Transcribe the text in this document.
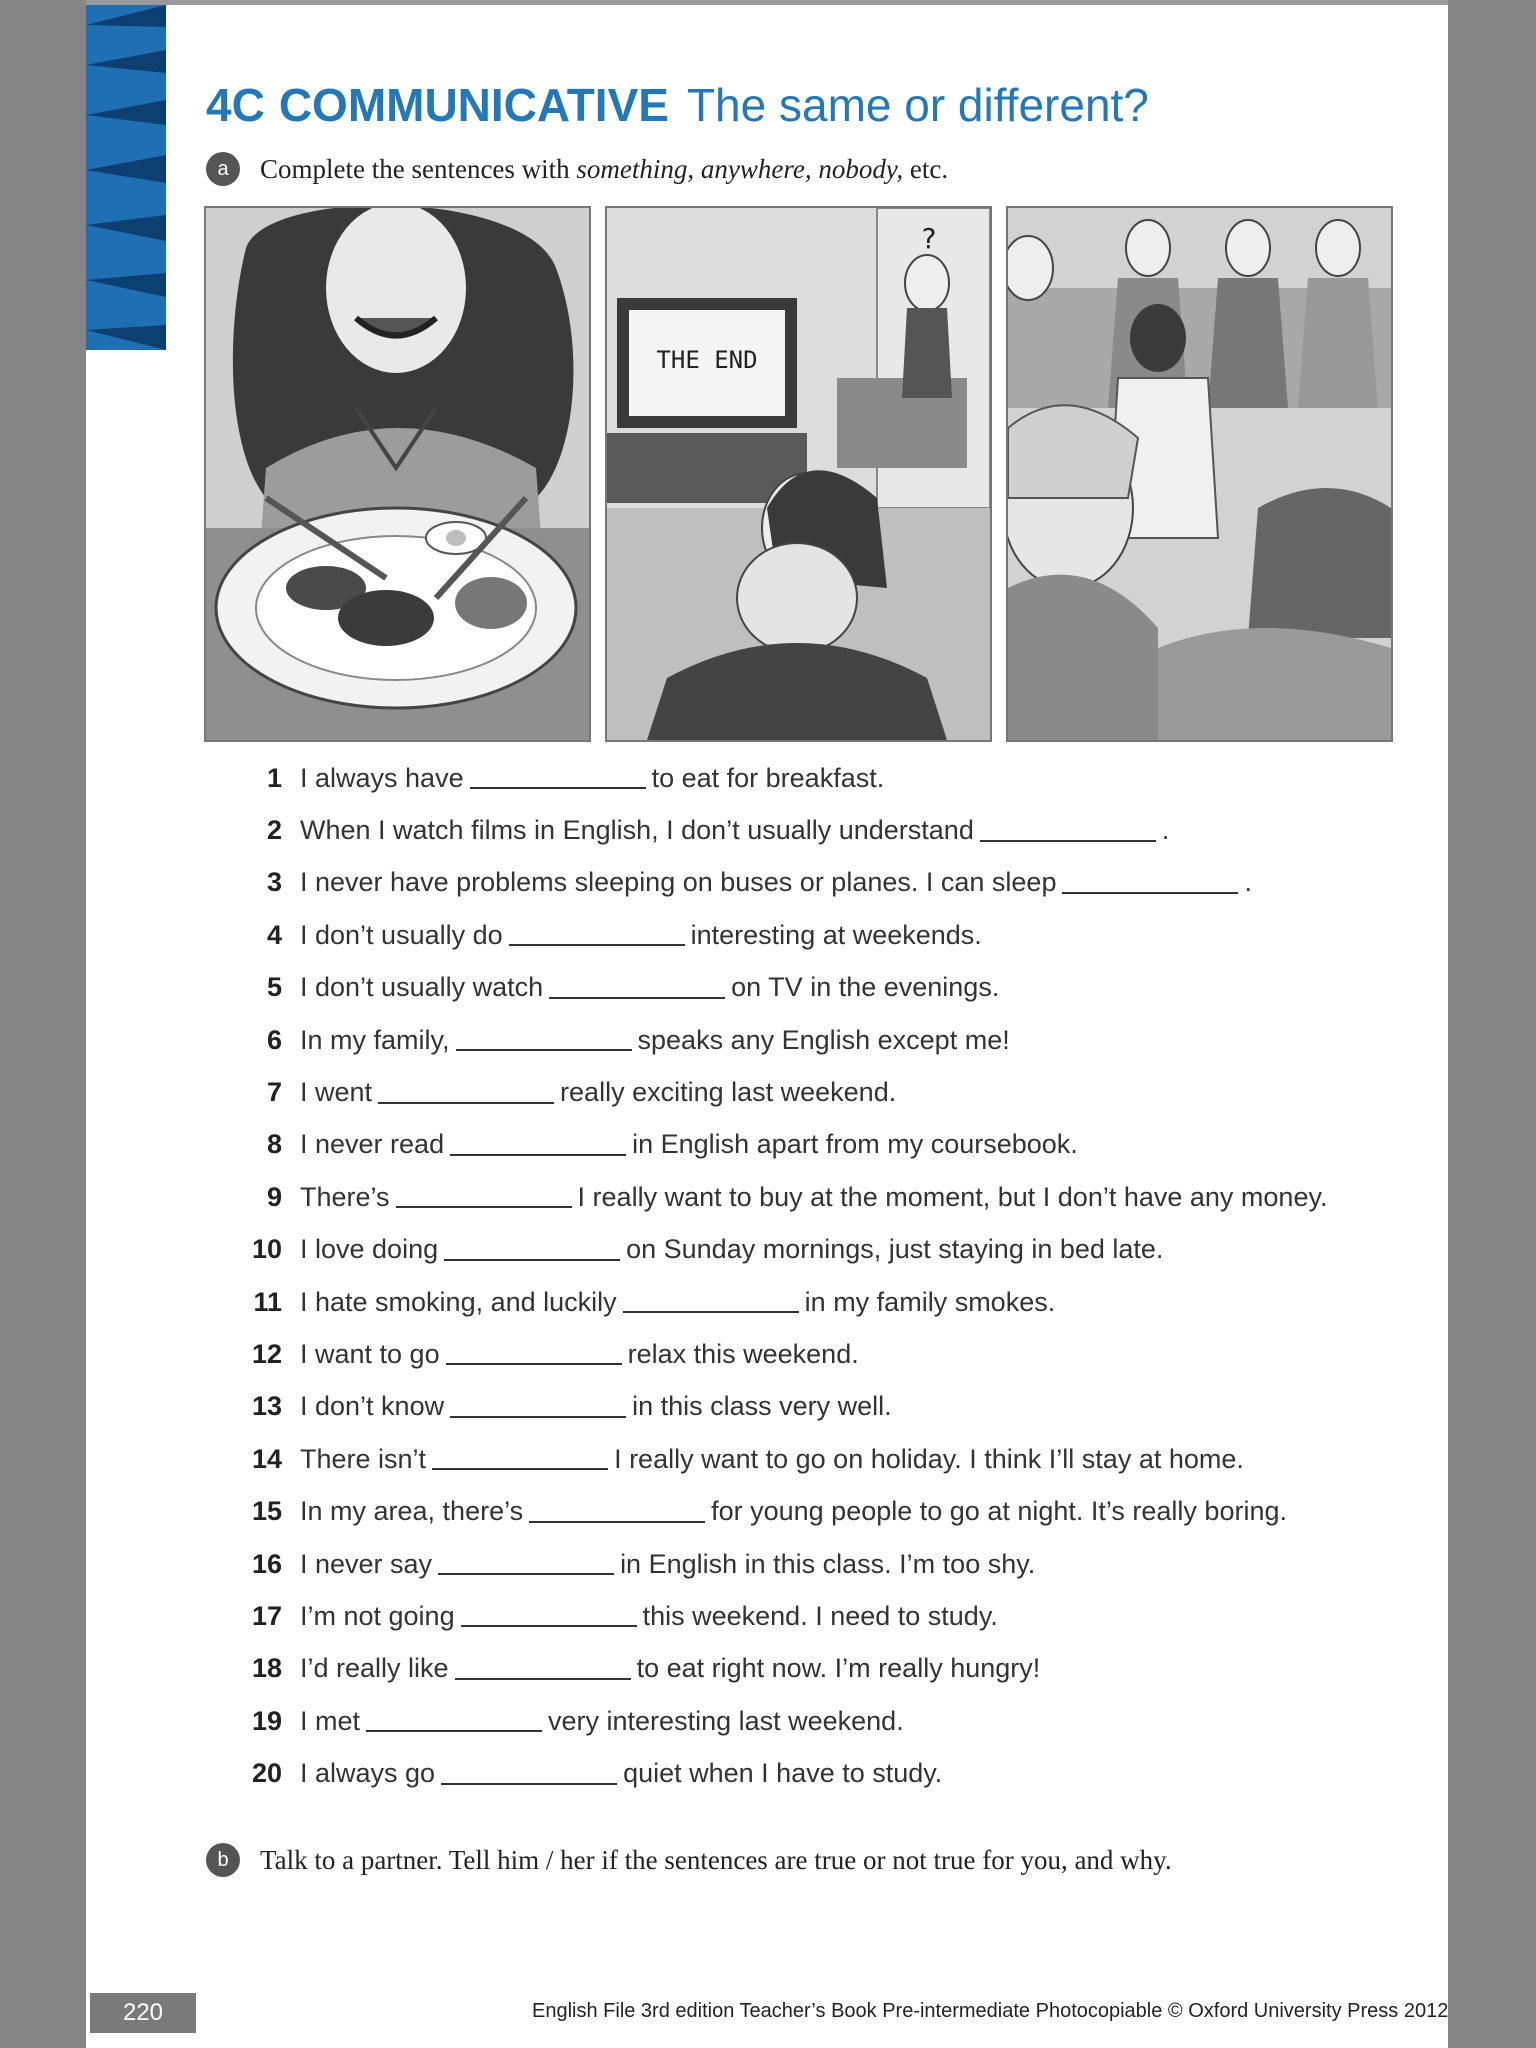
4C COMMUNICATIVE The same or different?
a	Complete the sentences with something, anywhere, nobody, etc.
THE END
?
1 I always have	to eat for breakfast.
2 When I watch films in English, I don’t usually understand	.
3 I never have problems sleeping on buses or planes. I can sleep	.
4 I don’t usually do	interesting at weekends.
5 I don’t usually watch	on TV in the evenings.
6 In my family,	speaks any English except me!
7 I went	really exciting last weekend.
8 I never read	in English apart from my coursebook.
9 There’s	I really want to buy at the moment, but I don’t have any money.
10 I love doing	on Sunday mornings, just staying in bed late.
11 I hate smoking, and luckily	in my family smokes.
12 I want to go	relax this weekend.
13 I don’t know	in this class very well.
14 There isn’t	I really want to go on holiday. I think I’ll stay at home.
15 In my area, there’s	for young people to go at night. It’s really boring.
16 I never say	in English in this class. I’m too shy.
17 I’m not going	this weekend. I need to study.
18 I’d really like	to eat right now. I’m really hungry!
19 I met	very interesting last weekend.
20 I always go	quiet when I have to study.
b	Talk to a partner. Tell him / her if the sentences are true or not true for you, and why.
English File 3rd edition Teacher’s Book Pre-intermediate Photocopiable © Oxford University Press 2012
220
